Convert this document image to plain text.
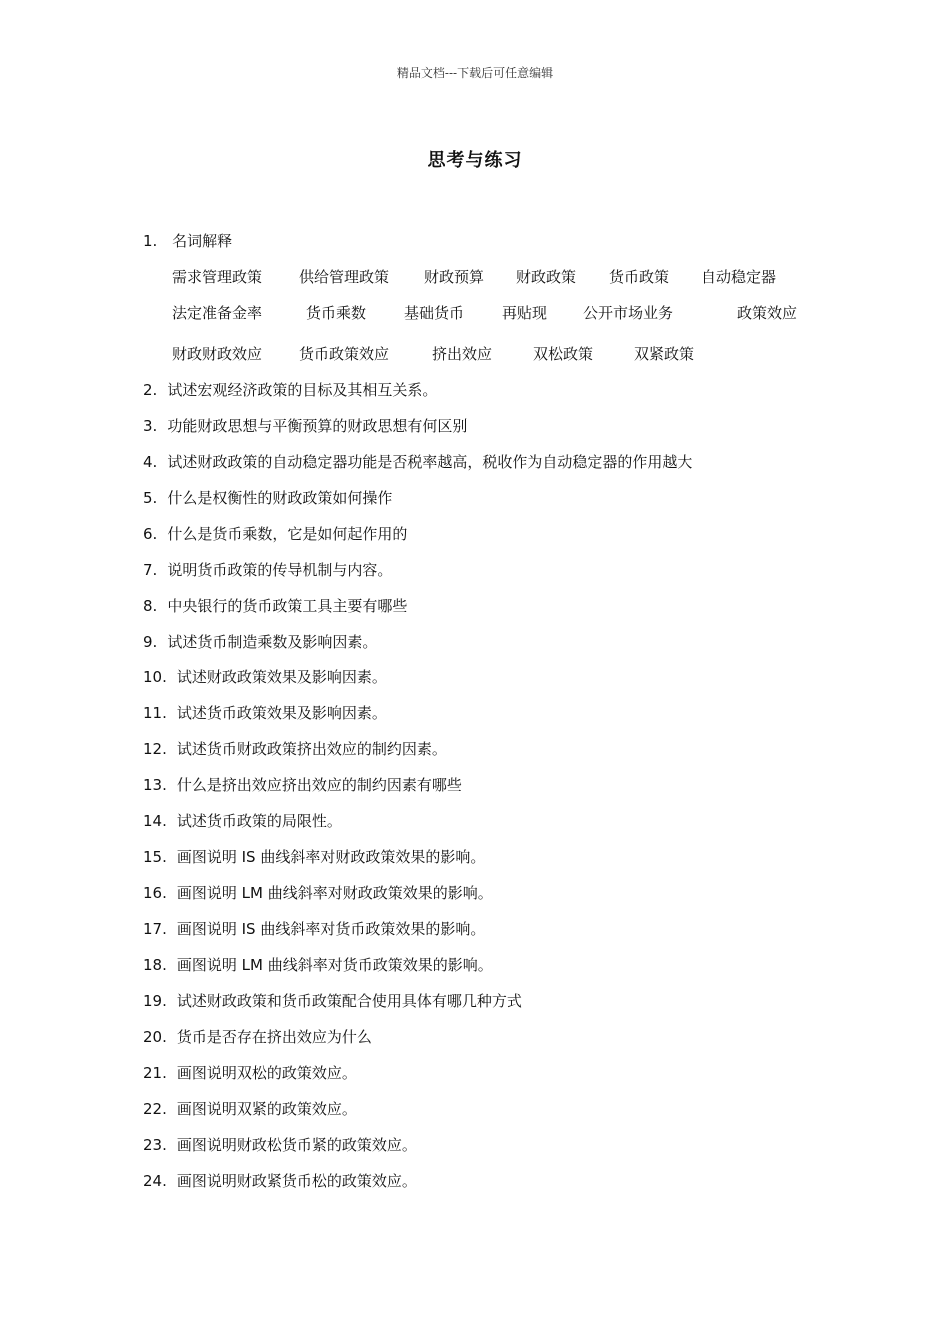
精品文档---下载后可任意编辑
思考与练习
1. 名词解释
需求管理政策 供给管理政策 财政预算 财政政策 货币政策 自动稳定器
法定准备金率	货币乘数	基础货币	再贴现 公开市场业务	政策效应
财政财政效应 货币政策效应	挤出效应	双松政策	双紧政策
2. 试述宏观经济政策的目标及其相互关系。
3. 功能财政思想与平衡预算的财政思想有何区别
4. 试述财政政策的自动稳定器功能是否税率越高，税收作为自动稳定器的作用越大
5. 什么是权衡性的财政政策如何操作
6. 什么是货币乘数，它是如何起作用的
7. 说明货币政策的传导机制与内容。
8. 中央银行的货币政策工具主要有哪些
9. 试述货币制造乘数及影响因素。
10. 试述财政政策效果及影响因素。
11. 试述货币政策效果及影响因素。
12. 试述货币财政政策挤出效应的制约因素。
13. 什么是挤出效应挤出效应的制约因素有哪些
14. 试述货币政策的局限性。
15. 画图说明 IS 曲线斜率对财政政策效果的影响。
16. 画图说明 LM 曲线斜率对财政政策效果的影响。
17. 画图说明 IS 曲线斜率对货币政策效果的影响。
18. 画图说明 LM 曲线斜率对货币政策效果的影响。
19. 试述财政政策和货币政策配合使用具体有哪几种方式
20. 货币是否存在挤出效应为什么
21. 画图说明双松的政策效应。
22. 画图说明双紧的政策效应。
23. 画图说明财政松货币紧的政策效应。
24. 画图说明财政紧货币松的政策效应。
